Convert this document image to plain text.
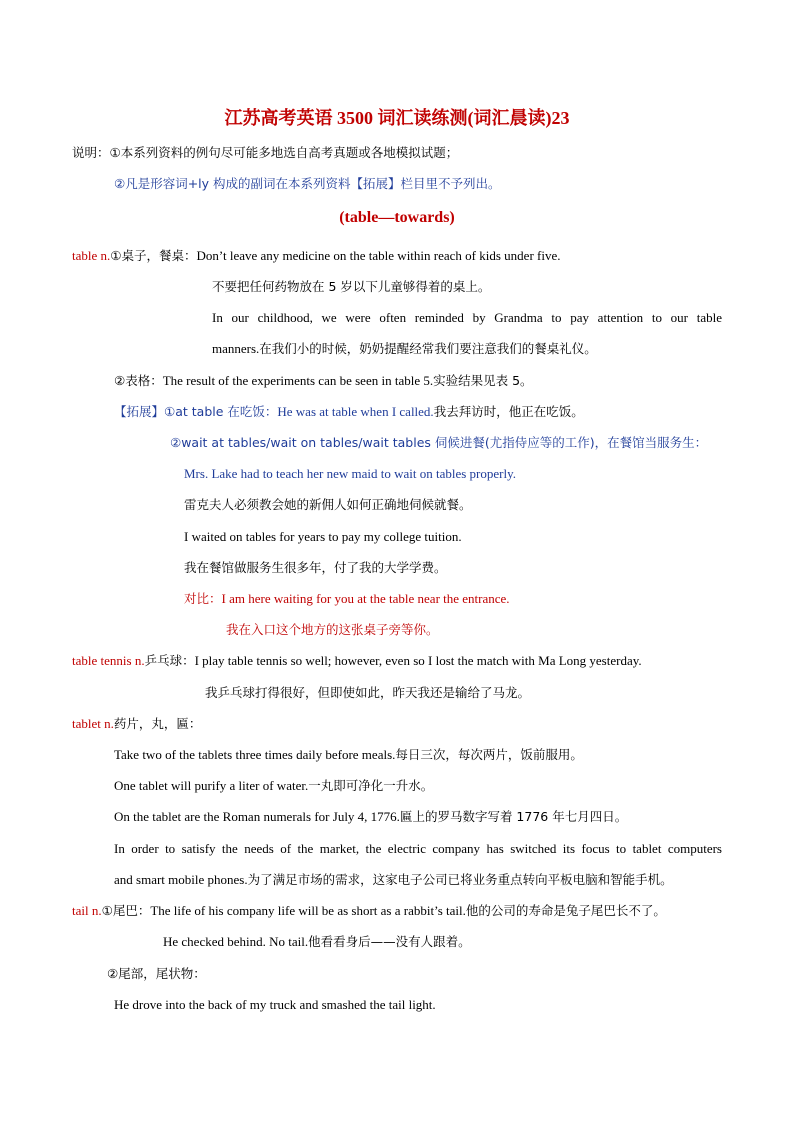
江苏高考英语 3500 词汇读练测(词汇晨读)23
说明：①本系列资料的例句尽可能多地选自高考真题或各地模拟试题；
②凡是形容词+ly 构成的副词在本系列资料【拓展】栏目里不予列出。
(table—towards)
table n.①桌子，餐桌：Don’t leave any medicine on the table within reach of kids under five.
不要把任何药物放在 5 岁以下儿童够得着的桌上。
In our childhood, we were often reminded by Grandma to pay attention to our table
manners.在我们小的时候，奶奶提醒经常我们要注意我们的餐桌礼仪。
②表格：The result of the experiments can be seen in table 5.实验结果见表 5。
【拓展】①at table 在吃饭：He was at table when I called.我去拜访时，他正在吃饭。
②wait at tables/wait on tables/wait tables 伺候进餐(尤指侍应等的工作)，在餐馆当服务生：
Mrs. Lake had to teach her new maid to wait on tables properly.
雷克夫人必须教会她的新佣人如何正确地伺候就餐。
I waited on tables for years to pay my college tuition.
我在餐馆做服务生很多年，付了我的大学学费。
对比：I am here waiting for you at the table near the entrance.
我在入口这个地方的这张桌子旁等你。
table tennis n.乒乓球：I play table tennis so well; however, even so I lost the match with Ma Long yesterday.
我乒乓球打得很好，但即使如此，昨天我还是输给了马龙。
tablet n.药片，丸，匾：
Take two of the tablets three times daily before meals.每日三次，每次两片，饭前服用。
One tablet will purify a liter of water.一丸即可净化一升水。
On the tablet are the Roman numerals for July 4, 1776.匾上的罗马数字写着 1776 年七月四日。
In order to satisfy the needs of the market, the electric company has switched its focus to tablet computers
and smart mobile phones.为了满足市场的需求，这家电子公司已将业务重点转向平板电脑和智能手机。
tail n.①尾巴：The life of his company life will be as short as a rabbit’s tail.他的公司的寿命是兔子尾巴长不了。
He checked behind. No tail.他看看身后——没有人跟着。
②尾部，尾状物：
He drove into the back of my truck and smashed the tail light.
